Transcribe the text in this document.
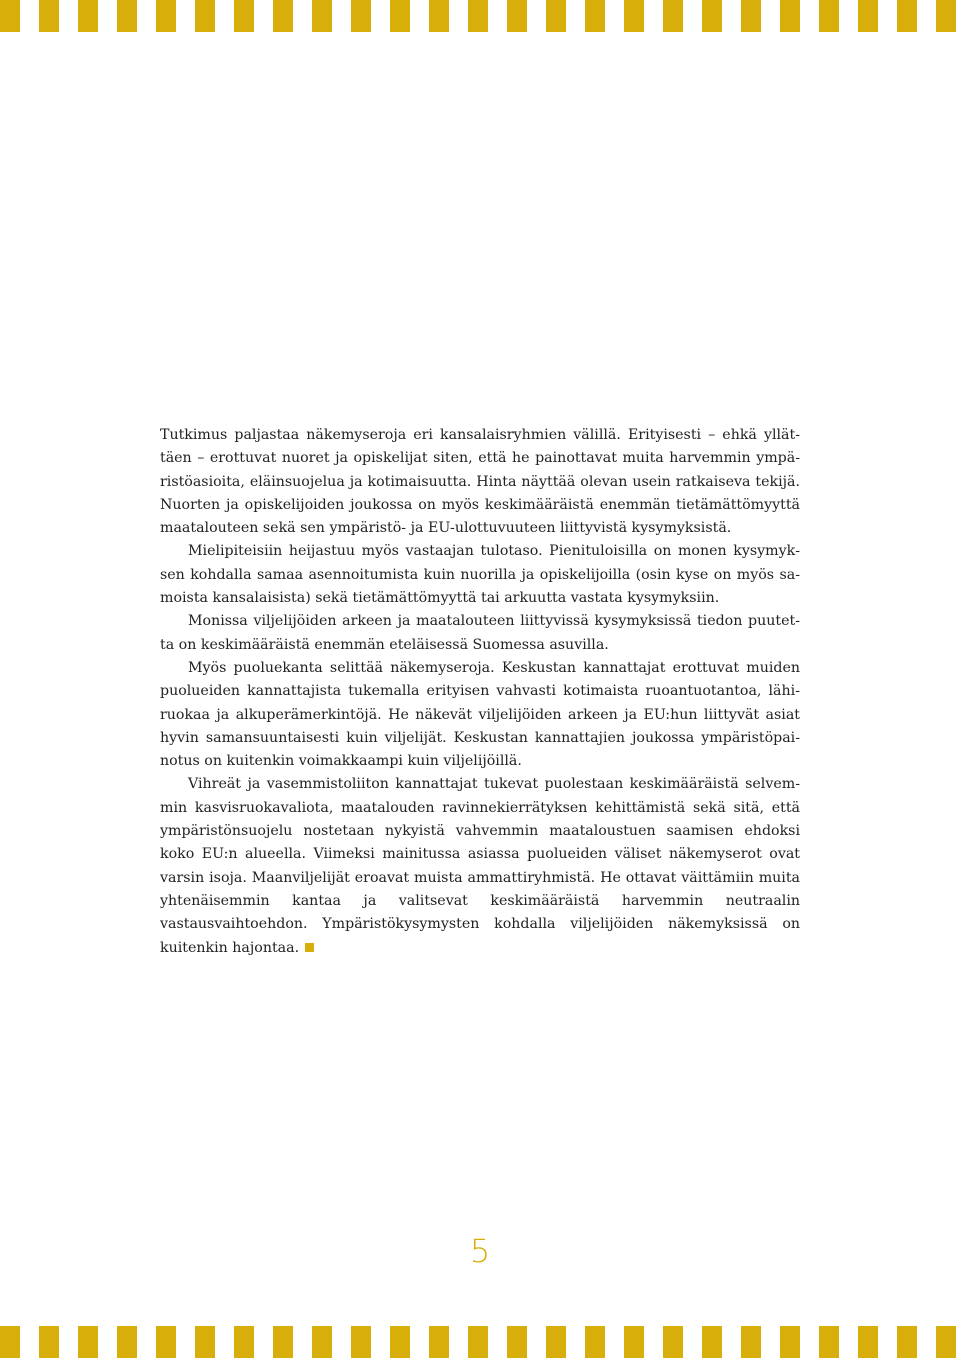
Tutkimus paljastaa näkemyseroja eri kansalaisryhmien välillä. Erityisesti – ehkä yllättäen – erottuvat nuoret ja opiskelijat siten, että he painottavat muita harvemmin ympäristöasioita, eläinsuojelua ja kotimaisuutta. Hinta näyttää olevan usein ratkaiseva tekijä. Nuorten ja opiskelijoiden joukossa on myös keskimääräistä enemmän tietämättömyyttä maatalouteen sekä sen ympäristö- ja EU-ulottuvuuteen liittyvistä kysymyksistä.

Mielipiteisiin heijastuu myös vastaajan tulotaso. Pienituloisilla on monen kysymyksen kohdalla samaa asennoitumista kuin nuorilla ja opiskelijoilla (osin kyse on myös samoista kansalaisista) sekä tietämättömyyttä tai arkuutta vastata kysymyksiin.

Monissa viljelijöiden arkeen ja maatalouteen liittyvissä kysymyksissä tiedon puutetta on keskimääräistä enemmän eteläisessä Suomessa asuvilla.

Myös puoluekanta selittää näkemyseroja. Keskustan kannattajat erottuvat muiden puolueiden kannattajista tukemalla erityisen vahvasti kotimaista ruoantuotantoa, lähiruokaa ja alkuperämerkintöjä. He näkevät viljelijöiden arkeen ja EU:hun liittyvät asiat hyvin samansuuntaisesti kuin viljelijät. Keskustan kannattajien joukossa ympäristöpainotus on kuitenkin voimakkaampi kuin viljelijöillä.

Vihreät ja vasemmistoliiton kannattajat tukevat puolestaan keskimääräistä selvemmin kasvisruokavaliota, maatalouden ravinnekierrätyksen kehittämistä sekä sitä, että ympäristönsuojelu nostetaan nykyistä vahvemmin maataloustuen saamisen ehdoksi koko EU:n alueella. Viimeksi mainitussa asiassa puolueiden väliset näkemyserot ovat varsin isoja. Maanviljelijät eroavat muista ammattiryhmistä. He ottavat väittämiin muita yhtenäisemmin kantaa ja valitsevat keskimääräistä harvemmin neutraalin vastausvaihtoehdon. Ympäristökysymysten kohdalla viljelijöiden näkemyksissä on kuitenkin hajontaa.

5
